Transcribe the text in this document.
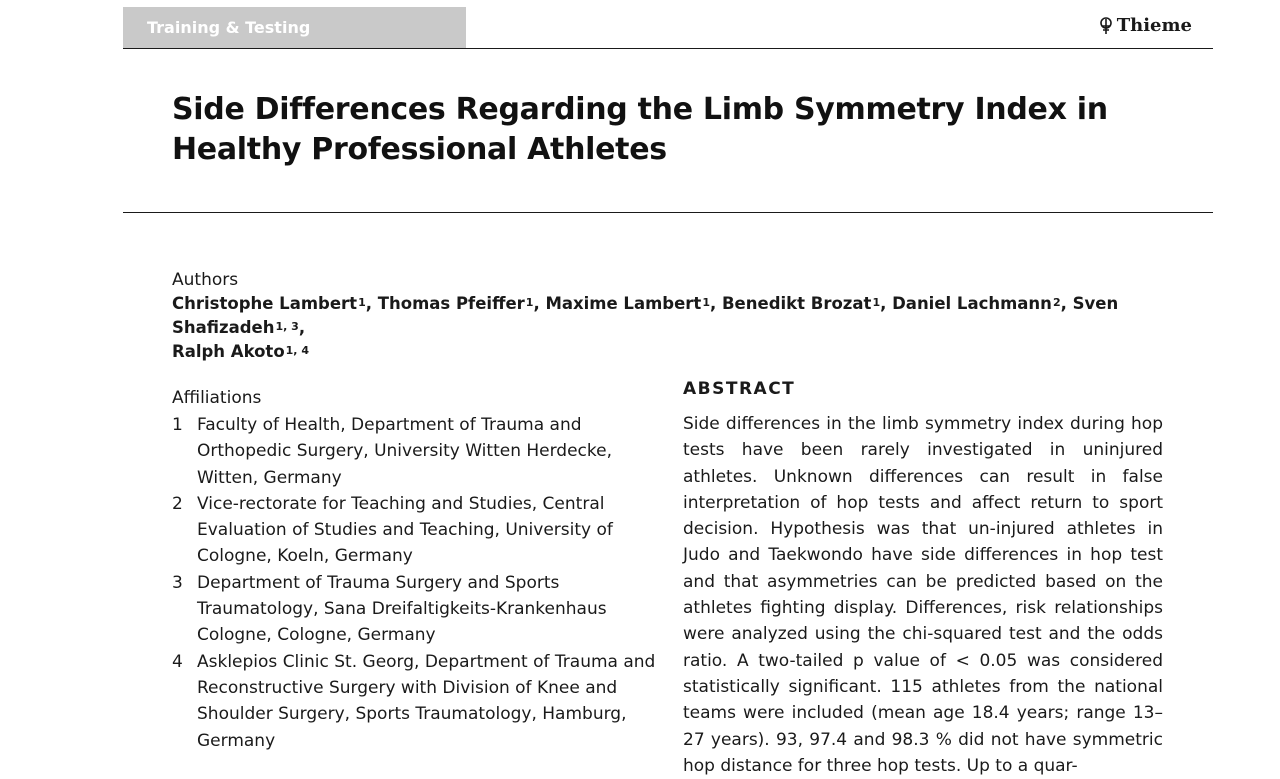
Training & Testing	Thieme
Side Differences Regarding the Limb Symmetry Index in Healthy Professional Athletes
Authors
Christophe Lambert$^1$, Thomas Pfeiffer$^1$, Maxime Lambert$^1$, Benedikt Brozat$^1$, Daniel Lachmann$^2$, Sven Shafizadeh$^{1, 3}$,
Ralph Akoto$^{1, 4}$
Affiliations
1 Faculty of Health, Department of Trauma and Orthopedic Surgery, University Witten Herdecke, Witten, Germany
2 Vice-rectorate for Teaching and Studies, Central Evaluation of Studies and Teaching, University of Cologne, Koeln, Germany
3 Department of Trauma Surgery and Sports Traumatology, Sana Dreifaltigkeits-Krankenhaus Cologne, Cologne, Germany
4 Asklepios Clinic St. Georg, Department of Trauma and Reconstructive Surgery with Division of Knee and Shoulder Surgery, Sports Traumatology, Hamburg, Germany
ABSTRACT
Side differences in the limb symmetry index during hop tests have been rarely investigated in uninjured athletes. Unknown differences can result in false interpretation of hop tests and affect return to sport decision. Hypothesis was that un-injured athletes in Judo and Taekwondo have side differences in hop test and that asymmetries can be predicted based on the athletes fighting display. Differences, risk relationships were analyzed using the chi-squared test and the odds ratio. A two-tailed p value of < 0.05 was considered statistically significant. 115 athletes from the national teams were included (mean age 18.4 years; range 13–27 years). 93, 97.4 and 98.3 % did not have symmetric hop distance for three hop tests. Up to a quar-
